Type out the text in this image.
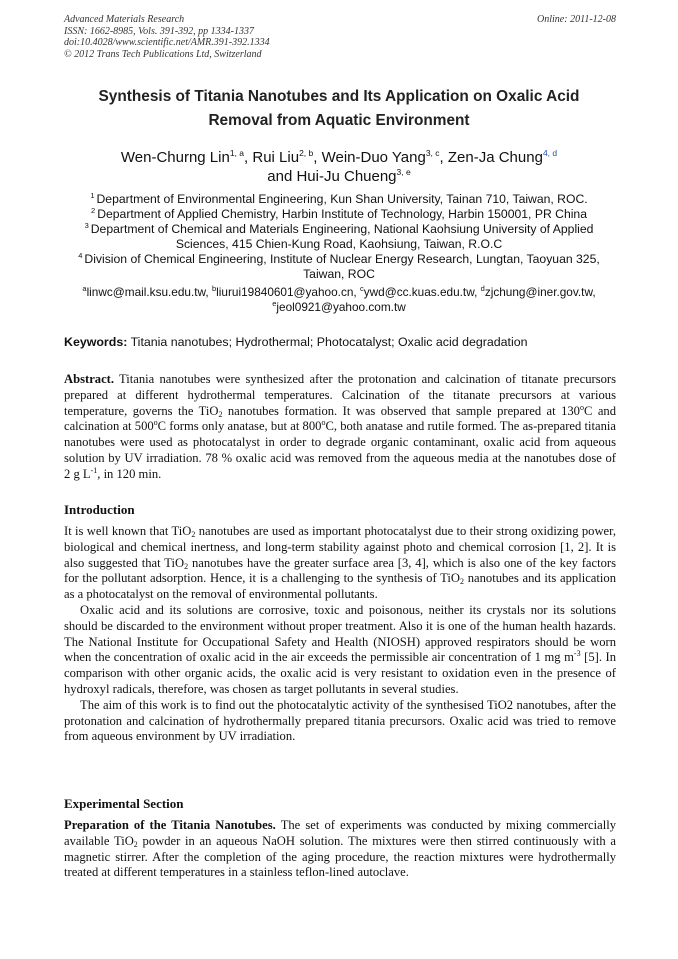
Advanced Materials Research
ISSN: 1662-8985, Vols. 391-392, pp 1334-1337
doi:10.4028/www.scientific.net/AMR.391-392.1334
© 2012 Trans Tech Publications Ltd, Switzerland
Online: 2011-12-08
Synthesis of Titania Nanotubes and Its Application on Oxalic Acid
Removal from Aquatic Environment
Wen-Churng Lin$^{1, a}$, Rui Liu$^{2, b}$, Wein-Duo Yang$^{3, c}$, Zen-Ja Chung$^{4, d}$
and Hui-Ju Chueng$^{3, e}$
$^1$ Department of Environmental Engineering, Kun Shan University, Tainan 710, Taiwan, ROC.
$^2$ Department of Applied Chemistry, Harbin Institute of Technology, Harbin 150001, PR China
$^3$ Department of Chemical and Materials Engineering, National Kaohsiung University of Applied Sciences, 415 Chien-Kung Road, Kaohsiung, Taiwan, R.O.C
$^4$ Division of Chemical Engineering, Institute of Nuclear Energy Research, Lungtan, Taoyuan 325, Taiwan, ROC
$^a$linwc@mail.ksu.edu.tw, $^b$liurui19840601@yahoo.cn, $^c$ywd@cc.kuas.edu.tw, $^d$zjchung@iner.gov.tw,
$^e$jeol0921@yahoo.com.tw
Keywords: Titania nanotubes; Hydrothermal; Photocatalyst; Oxalic acid degradation
Abstract. Titania nanotubes were synthesized after the protonation and calcination of titanate precursors prepared at different hydrothermal temperatures. Calcination of the titanate precursors at various temperature, governs the TiO$_2$ nanotubes formation. It was observed that sample prepared at 130$^o$C and calcination at 500$^o$C forms only anatase, but at 800$^o$C, both anatase and rutile formed. The as-prepared titania nanotubes were used as photocatalyst in order to degrade organic contaminant, oxalic acid from aqueous solution by UV irradiation. 78 % oxalic acid was removed from the aqueous media at the nanotubes dose of 2 g $L^{-1}$, in 120 min.
Introduction

It is well known that TiO$_2$ nanotubes are used as important photocatalyst due to their strong oxidizing power, biological and chemical inertness, and long-term stability against photo and chemical corrosion [1, 2]. It is also suggested that TiO$_2$ nanotubes have the greater surface area [3, 4], which is also one of the key factors for the pollutant adsorption. Hence, it is a challenging to the synthesis of TiO$_2$ nanotubes and its application as a photocatalyst on the removal of environmental pollutants.

Oxalic acid and its solutions are corrosive, toxic and poisonous, neither its crystals nor its solutions should be discarded to the environment without proper treatment. Also it is one of the human health hazards. The National Institute for Occupational Safety and Health (NIOSH) approved respirators should be worn when the concentration of oxalic acid in the air exceeds the permissible air concentration of 1 mg $m^{-3}$ [5]. In comparison with other organic acids, the oxalic acid is very resistant to oxidation even in the presence of hydroxyl radicals, therefore, was chosen as target pollutants in several studies.

The aim of this work is to find out the photocatalytic activity of the synthesised TiO2 nanotubes, after the protonation and calcination of hydrothermally prepared titania precursors. Oxalic acid was tried to remove from aqueous environment by UV irradiation.

Experimental Section
Preparation of the Titania Nanotubes. The set of experiments was conducted by mixing commercially available TiO$_2$ powder in an aqueous NaOH solution. The mixtures were then stirred continuously with a magnetic stirrer. After the completion of the aging procedure, the reaction mixtures were hydrothermally treated at different temperatures in a stainless teflon-lined autoclave.
